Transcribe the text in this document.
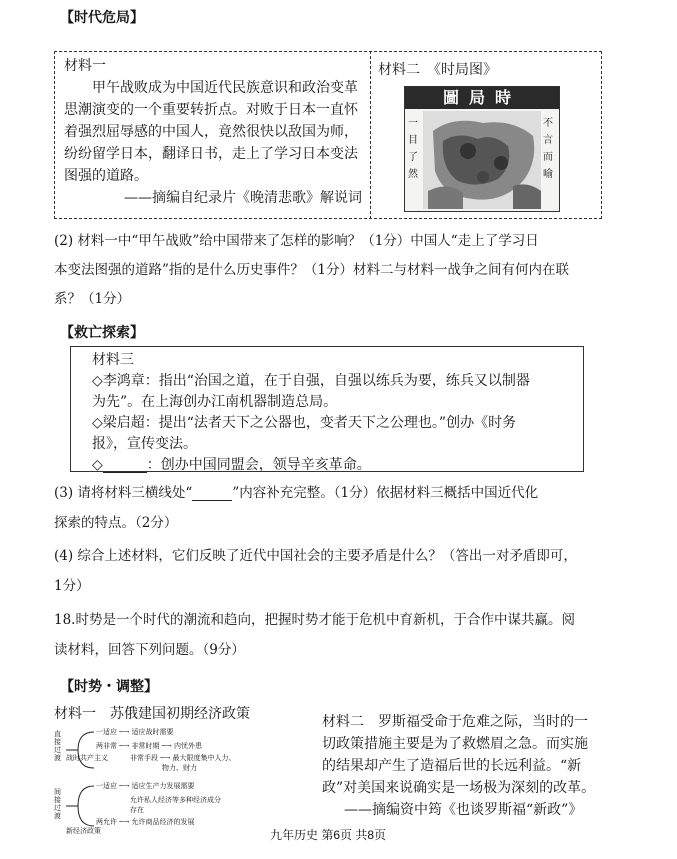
【时代危局】
材料一
甲午战败成为中国近代民族意识和政治变革
思潮演变的一个重要转折点。对败于日本一直怀
着强烈屈辱感的中国人，竟然很快以敌国为师，
纷纷留学日本，翻译日书，走上了学习日本变法
图强的道路。
——摘编自纪录片《晚清悲歌》解说词
材料二　《时局图》
圖局時
一目了然
不言而喻
(2) 材料一中“甲午战败”给中国带来了怎样的影响？（1分）中国人“走上了学习日
本变法图强的道路”指的是什么历史事件？（1分）材料二与材料一战争之间有何内在联
系？（1分）
【救亡探索】
材料三
◇李鸿章：指出“治国之道，在于自强，自强以练兵为要，练兵又以制器
为先”。在上海创办江南机器制造总局。
◇梁启超：提出“法者天下之公器也，变者天下之公理也。”创办《时务
报》，宣传变法。
◇	：创办中国同盟会，领导辛亥革命。
(3) 请将材料三横线处“	”内容补充完整。（1分）依据材料三概括中国近代化
探索的特点。（2分）
(4) 综合上述材料，它们反映了近代中国社会的主要矛盾是什么？（答出一对矛盾即可，
1分）
18.时势是一个时代的潮流和趋向，把握时势才能于危机中育新机，于合作中谋共赢。阅
读材料，回答下列问题。（9分）
【时势・调整】
材料一　苏俄建国初期经济政策
直接过渡
间接过渡
战时共产主义
新经济政策
一适应 ─→ 适应战时需要
两非常 ─→ 非常时期 ─→ 内忧外患
非常手段 ─→ 最大限度集中人力、
物力、财力
一适应 ─→ 适应生产力发展需要
允许私人经济等多种经济成分
存在
两允许 ─→ 允许商品经济的发展
材料二　罗斯福受命于危难之际，当时的一
切政策措施主要是为了救燃眉之急。而实施
的结果却产生了造福后世的长远利益。“新
政”对美国来说确实是一场极为深刻的改革。
——摘编资中筠《也谈罗斯福“新政”》
九年历史 第6页 共8页
